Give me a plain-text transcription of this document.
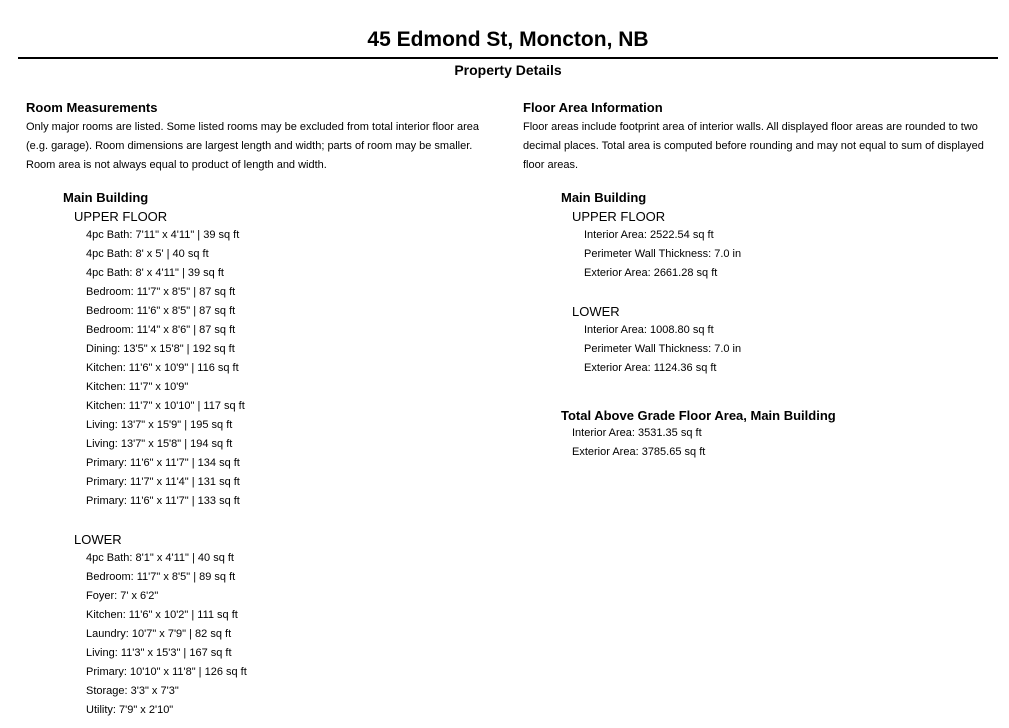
45 Edmond St, Moncton, NB
Property Details
Room Measurements
Only major rooms are listed. Some listed rooms may be excluded from total interior floor area (e.g. garage). Room dimensions are largest length and width; parts of room may be smaller. Room area is not always equal to product of length and width.
Main Building
UPPER FLOOR
4pc Bath: 7'11" x 4'11" | 39 sq ft
4pc Bath: 8' x 5' | 40 sq ft
4pc Bath: 8' x 4'11" | 39 sq ft
Bedroom: 11'7" x 8'5" | 87 sq ft
Bedroom: 11'6" x 8'5" | 87 sq ft
Bedroom: 11'4" x 8'6" | 87 sq ft
Dining: 13'5" x 15'8" | 192 sq ft
Kitchen: 11'6" x 10'9" | 116 sq ft
Kitchen: 11'7" x 10'9"
Kitchen: 11'7" x 10'10" | 117 sq ft
Living: 13'7" x 15'9" | 195 sq ft
Living: 13'7" x 15'8" | 194 sq ft
Primary: 11'6" x 11'7" | 134 sq ft
Primary: 11'7" x 11'4" | 131 sq ft
Primary: 11'6" x 11'7" | 133 sq ft
LOWER
4pc Bath: 8'1" x 4'11" | 40 sq ft
Bedroom: 11'7" x 8'5" | 89 sq ft
Foyer: 7' x 6'2"
Kitchen: 11'6" x 10'2" | 111 sq ft
Laundry: 10'7" x 7'9" | 82 sq ft
Living: 11'3" x 15'3" | 167 sq ft
Primary: 10'10" x 11'8" | 126 sq ft
Storage: 3'3" x 7'3"
Utility: 7'9" x 2'10"
Floor Area Information
Floor areas include footprint area of interior walls. All displayed floor areas are rounded to two decimal places. Total area is computed before rounding and may not equal to sum of displayed floor areas.
Main Building
UPPER FLOOR
Interior Area: 2522.54 sq ft
Perimeter Wall Thickness: 7.0 in
Exterior Area: 2661.28 sq ft
LOWER
Interior Area: 1008.80 sq ft
Perimeter Wall Thickness: 7.0 in
Exterior Area: 1124.36 sq ft
Total Above Grade Floor Area, Main Building
Interior Area: 3531.35 sq ft
Exterior Area: 3785.65 sq ft
